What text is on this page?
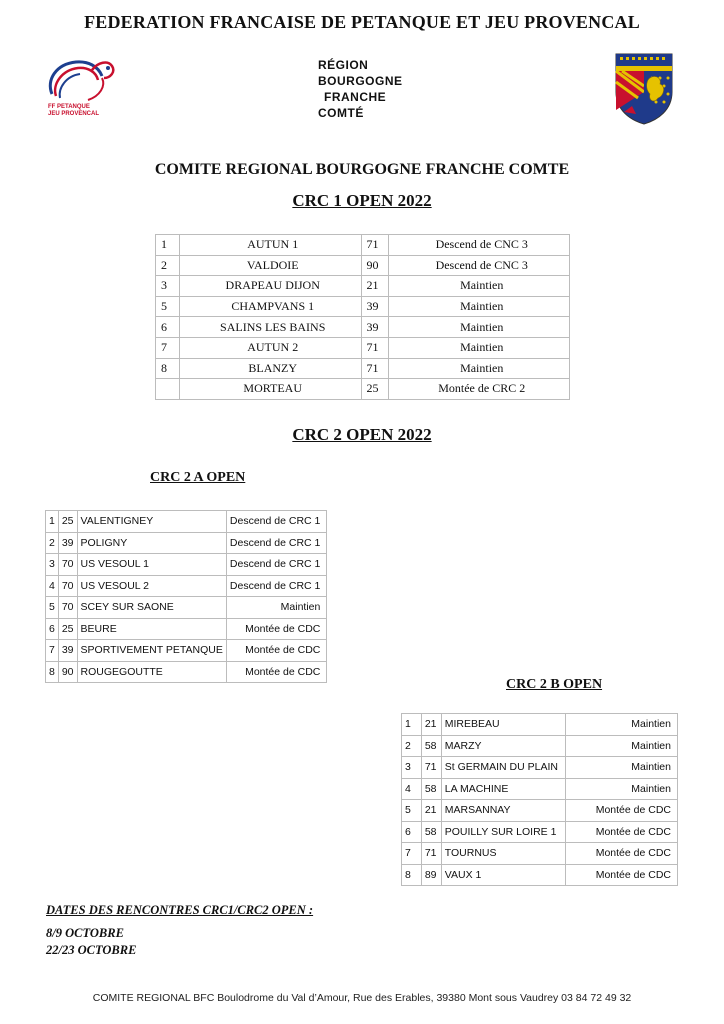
FEDERATION FRANCAISE DE PETANQUE ET JEU PROVENCAL
FF PETANQUE
JEU PROVENCAL
RÉGION
BOURGOGNE
FRANCHE
COMTÉ
COMITE REGIONAL BOURGOGNE FRANCHE COMTE
CRC 1 OPEN 2022
1	AUTUN 1	71	Descend de CNC 3
2	VALDOIE	90	Descend de CNC 3
3	DRAPEAU DIJON	21	Maintien
5	CHAMPVANS 1	39	Maintien
6	SALINS LES BAINS	39	Maintien
7	AUTUN 2	71	Maintien
8	BLANZY	71	Maintien
	MORTEAU	25	Montée de CRC 2
CRC 2 OPEN 2022
CRC 2 A OPEN
1	25	VALENTIGNEY	Descend de CRC 1
2	39	POLIGNY	Descend de CRC 1
3	70	US VESOUL 1	Descend de CRC 1
4	70	US VESOUL 2	Descend de CRC 1
5	70	SCEY SUR SAONE	Maintien
6	25	BEURE	Montée de CDC
7	39	SPORTIVEMENT PETANQUE	Montée de CDC
8	90	ROUGEGOUTTE	Montée de CDC
CRC 2 B OPEN
1	21	MIREBEAU	Maintien
2	58	MARZY	Maintien
3	71	St GERMAIN DU PLAIN	Maintien
4	58	LA MACHINE	Maintien
5	21	MARSANNAY	Montée de CDC
6	58	POUILLY SUR LOIRE 1	Montée de CDC
7	71	TOURNUS	Montée de CDC
8	89	VAUX 1	Montée de CDC
DATES DES RENCONTRES CRC1/CRC2 OPEN :
8/9 OCTOBRE
22/23 OCTOBRE
COMITE REGIONAL BFC Boulodrome du Val d’Amour, Rue des Erables, 39380 Mont sous Vaudrey 03 84 72 49 32
